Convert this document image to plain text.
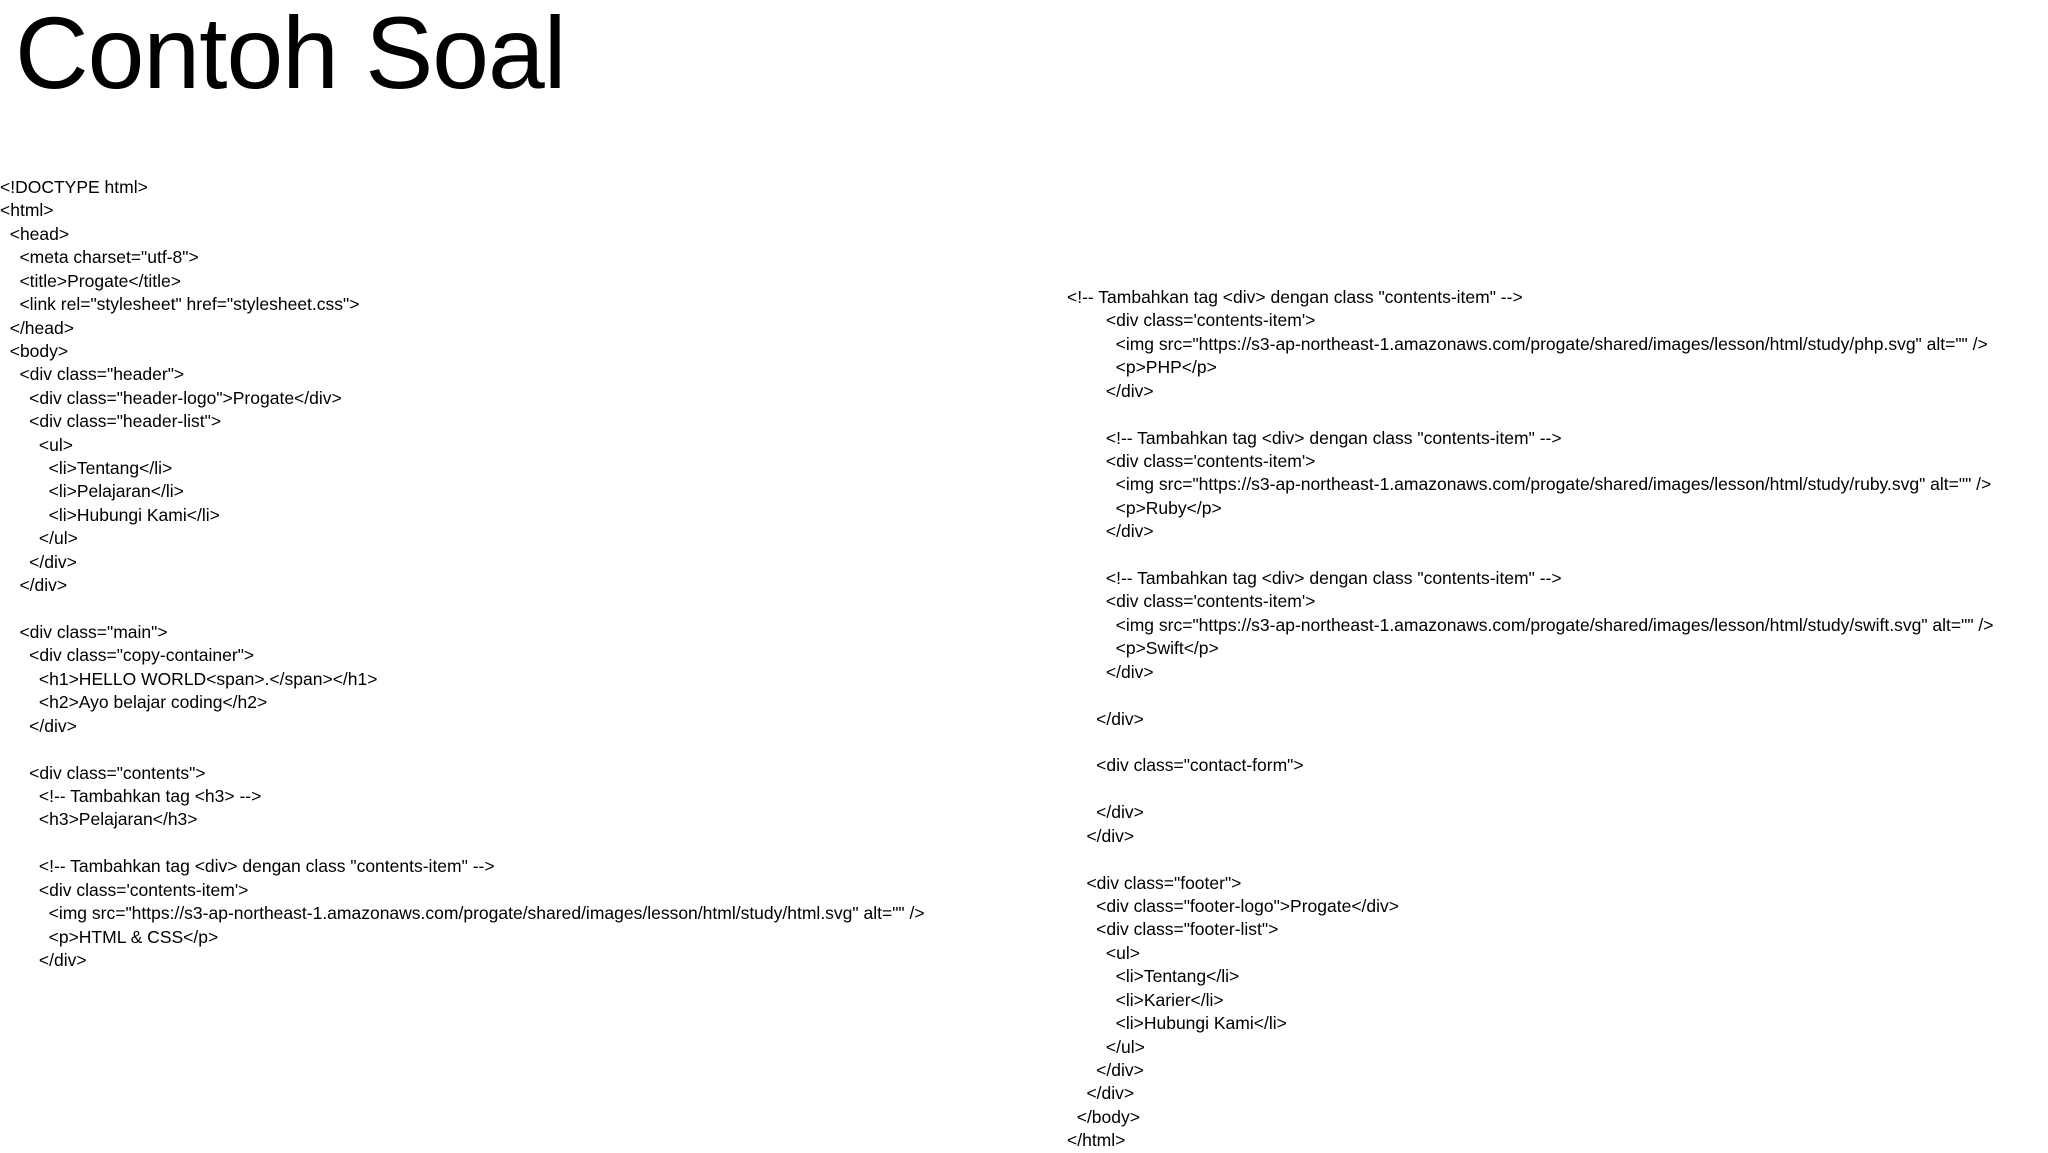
Contoh Soal
<!DOCTYPE html>
<html>
<head>
<meta charset="utf-8">
<title>Progate</title>
<link rel="stylesheet" href="stylesheet.css">
</head>
<body>
<div class="header">
<div class="header-logo">Progate</div>
<div class="header-list">
<ul>
<li>Tentang</li>
<li>Pelajaran</li>
<li>Hubungi Kami</li>
</ul>
</div>
</div>

<div class="main">
<div class="copy-container">
<h1>HELLO WORLD<span>.</span></h1>
<h2>Ayo belajar coding</h2>
</div>

<div class="contents">
<!-- Tambahkan tag <h3> -->
<h3>Pelajaran</h3>

<!-- Tambahkan tag <div> dengan class "contents-item" -->
<div class='contents-item'>
<img src="https://s3-ap-northeast-1.amazonaws.com/progate/shared/images/lesson/html/study/html.svg" alt="" />
<p>HTML & CSS</p>
</div>
<!-- Tambahkan tag <div> dengan class "contents-item" -->
<div class='contents-item'>
<img src="https://s3-ap-northeast-1.amazonaws.com/progate/shared/images/lesson/html/study/php.svg" alt="" />
<p>PHP</p>
</div>

<!-- Tambahkan tag <div> dengan class "contents-item" -->
<div class='contents-item'>
<img src="https://s3-ap-northeast-1.amazonaws.com/progate/shared/images/lesson/html/study/ruby.svg" alt="" />
<p>Ruby</p>
</div>

<!-- Tambahkan tag <div> dengan class "contents-item" -->
<div class='contents-item'>
<img src="https://s3-ap-northeast-1.amazonaws.com/progate/shared/images/lesson/html/study/swift.svg" alt="" />
<p>Swift</p>
</div>

</div>

<div class="contact-form">

</div>
</div>

<div class="footer">
<div class="footer-logo">Progate</div>
<div class="footer-list">
<ul>
<li>Tentang</li>
<li>Karier</li>
<li>Hubungi Kami</li>
</ul>
</div>
</div>
</body>
</html>
